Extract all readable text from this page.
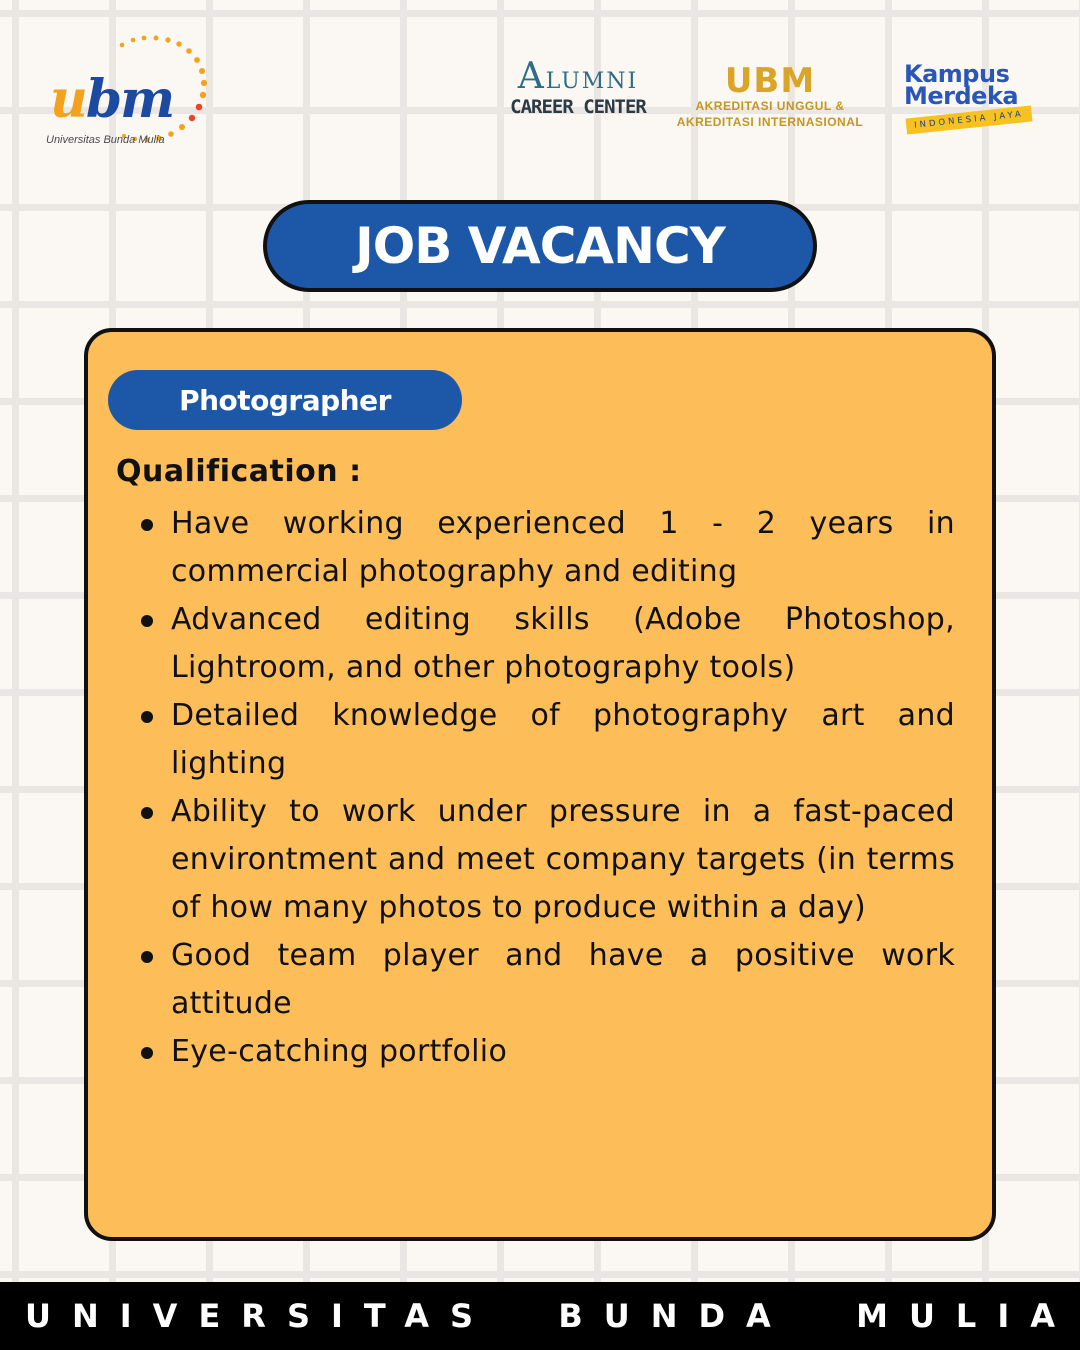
ubm
Universitas Bunda Mulia
ALUMNI
CAREER CENTER
UBM
AKREDITASI UNGGUL &
AKREDITASI INTERNASIONAL
Kampus
Merdeka
INDONESIA JAYA
JOB VACANCY
Photographer
Qualification :
Have working experienced 1 - 2 years in commercial photography and editing
Advanced editing skills (Adobe Photoshop, Lightroom, and other photography tools)
Detailed knowledge of photography art and lighting
Ability to work under pressure in a fast-paced environtment and meet company targets (in terms of how many photos to produce within a day)
Good team player and have a positive work attitude
Eye-catching portfolio
UNIVERSITAS  BUNDA  MULIA
